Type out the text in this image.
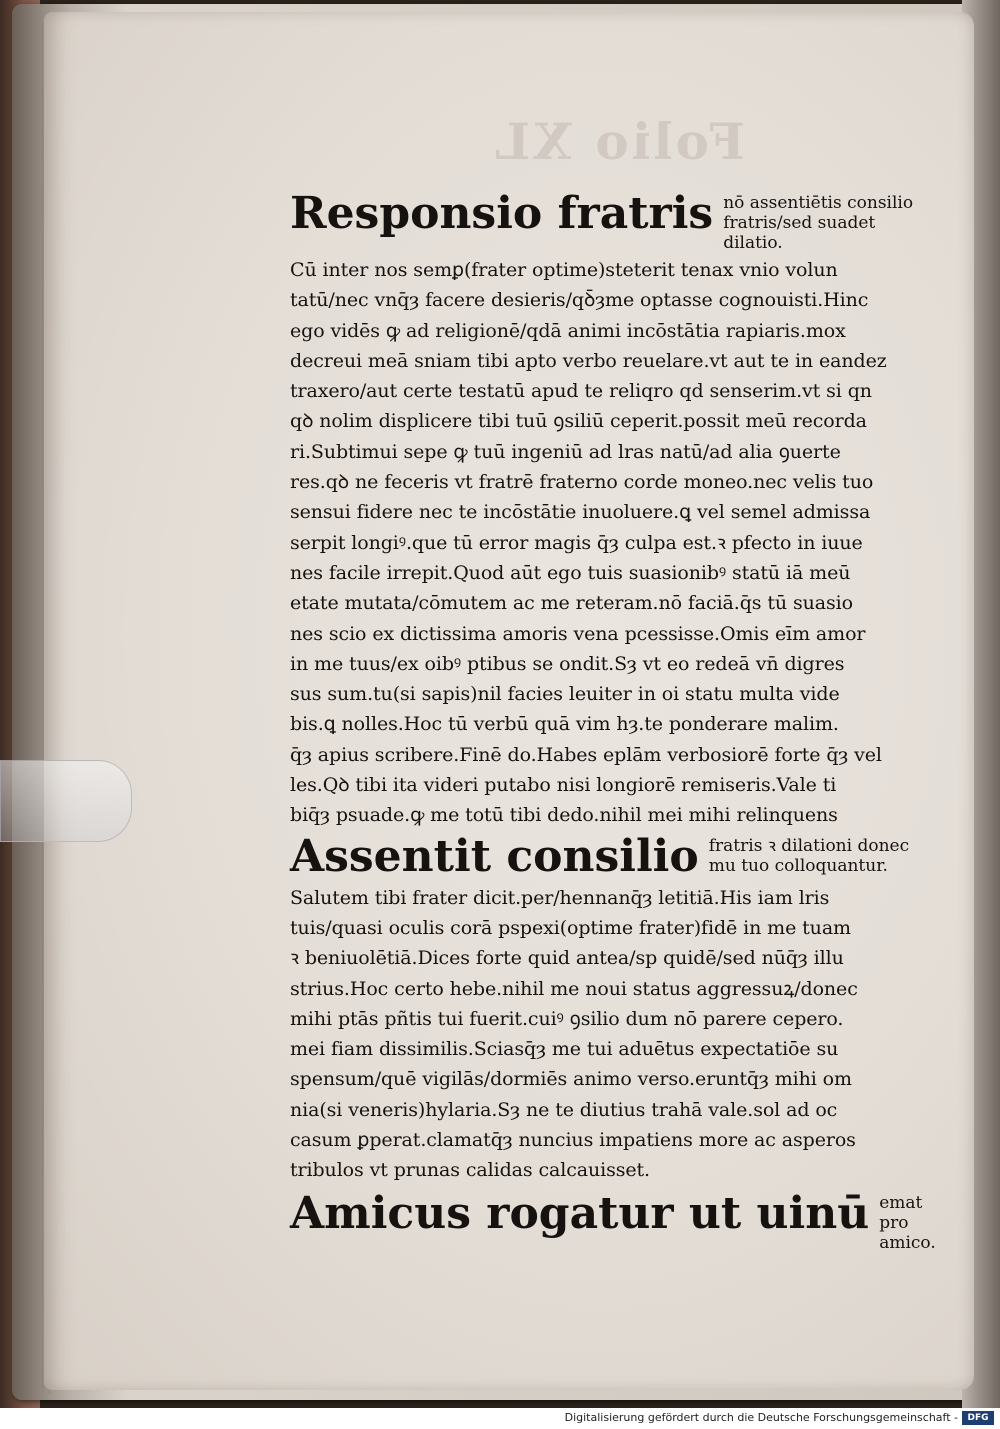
Folio XL
Responsio fratris nō assentiētis consilio fratris/sed suadet dilatio.
Cū inter nos semꝑ(frater optime)steterit tenax vnio volun
tatū/nec vnq̄ȝ facere desieris/qꝺ̄ȝme optasse cognouisti.Hinc
ego vidēs ꝙ ad religionē/qdā animi incōstātia rapiaris.mox
decreui meā sniam tibi apto verbo reuelare.vt aut te in eandez
traxero/aut certe testatū apud te reliqro qd senserim.vt si qn
qꝺ nolim displicere tibi tuū ꝯsiliū ceperit.possit meū recorda
ri.Subtimui sepe ꝙ tuū ingeniū ad lras natū/ad alia ꝯuerte
res.qꝺ ne feceris vt fratrē fraterno corde moneo.nec velis tuo
sensui fidere nec te incōstātie inuoluere.ꝗ vel semel admissa
serpit longiꝰ.que tū error magis q̄ȝ culpa est.ꝛ pfecto in iuue
nes facile irrepit.Quod aūt ego tuis suasionibꝰ statū iā meū
etate mutata/cōmutem ac me reteram.nō faciā.q̄s tū suasio
nes scio ex dictissima amoris vena pcessisse.Omis eīm amor
in me tuus/ex oibꝰ ptibus se ondit.Sȝ vt eo redeā vn̄ digres
sus sum.tu(si sapis)nil facies leuiter in oi statu multa vide
bis.ꝗ nolles.Hoc tū verbū quā vim hȝ.te ponderare malim.
q̄ȝ apius scribere.Finē do.Habes eplām verbosiorē forte q̄ȝ vel
les.Qꝺ tibi ita videri putabo nisi longiorē remiseris.Vale ti
biq̄ȝ psuade.ꝙ me totū tibi dedo.nihil mei mihi relinquens
Assentit consilio fratris ꝛ dilationi donec mu tuo colloquantur.
Salutem tibi frater dicit.per/hennanq̄ȝ letitiā.His iam lris
tuis/quasi oculis corā pspexi(optime frater)fidē in me tuam
ꝛ beniuolētiā.Dices forte quid antea/sp quidē/sed nūq̄ȝ illu
strius.Hoc certo hebe.nihil me noui status aggressuꝝ/donec
mihi ptās pñtis tui fuerit.cuiꝰ ꝯsilio dum nō parere cepero.
mei fiam dissimilis.Sciasq̄ȝ me tui aduētus expectatiōe su
spensum/quē vigilās/dormiēs animo verso.eruntq̄ȝ mihi om
nia(si veneris)hylaria.Sȝ ne te diutius trahā vale.sol ad oc
casum ꝑperat.clamatq̄ȝ nuncius impatiens more ac asperos
tribulos vt prunas calidas calcauisset.
Amicus rogatur ut uinū emat pro amico.
Digitalisierung gefördert durch die Deutsche Forschungsgemeinschaft -	DFG
